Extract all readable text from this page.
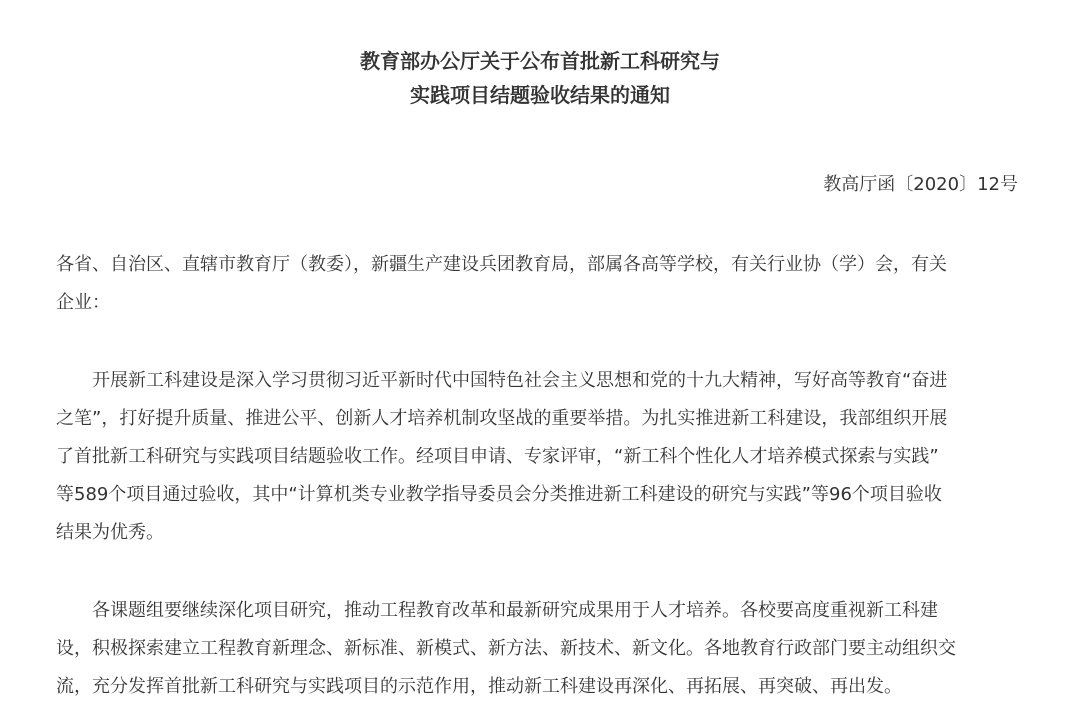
教育部办公厅关于公布首批新工科研究与
实践项目结题验收结果的通知
教高厅函〔2020〕12号
各省、自治区、直辖市教育厅（教委），新疆生产建设兵团教育局，部属各高等学校，有关行业协（学）会，有关
企业：
开展新工科建设是深入学习贯彻习近平新时代中国特色社会主义思想和党的十九大精神，写好高等教育“奋进
之笔”，打好提升质量、推进公平、创新人才培养机制攻坚战的重要举措。为扎实推进新工科建设，我部组织开展
了首批新工科研究与实践项目结题验收工作。经项目申请、专家评审，“新工科个性化人才培养模式探索与实践”
等589个项目通过验收，其中“计算机类专业教学指导委员会分类推进新工科建设的研究与实践”等96个项目验收
结果为优秀。
各课题组要继续深化项目研究，推动工程教育改革和最新研究成果用于人才培养。各校要高度重视新工科建
设，积极探索建立工程教育新理念、新标准、新模式、新方法、新技术、新文化。各地教育行政部门要主动组织交
流，充分发挥首批新工科研究与实践项目的示范作用，推动新工科建设再深化、再拓展、再突破、再出发。
